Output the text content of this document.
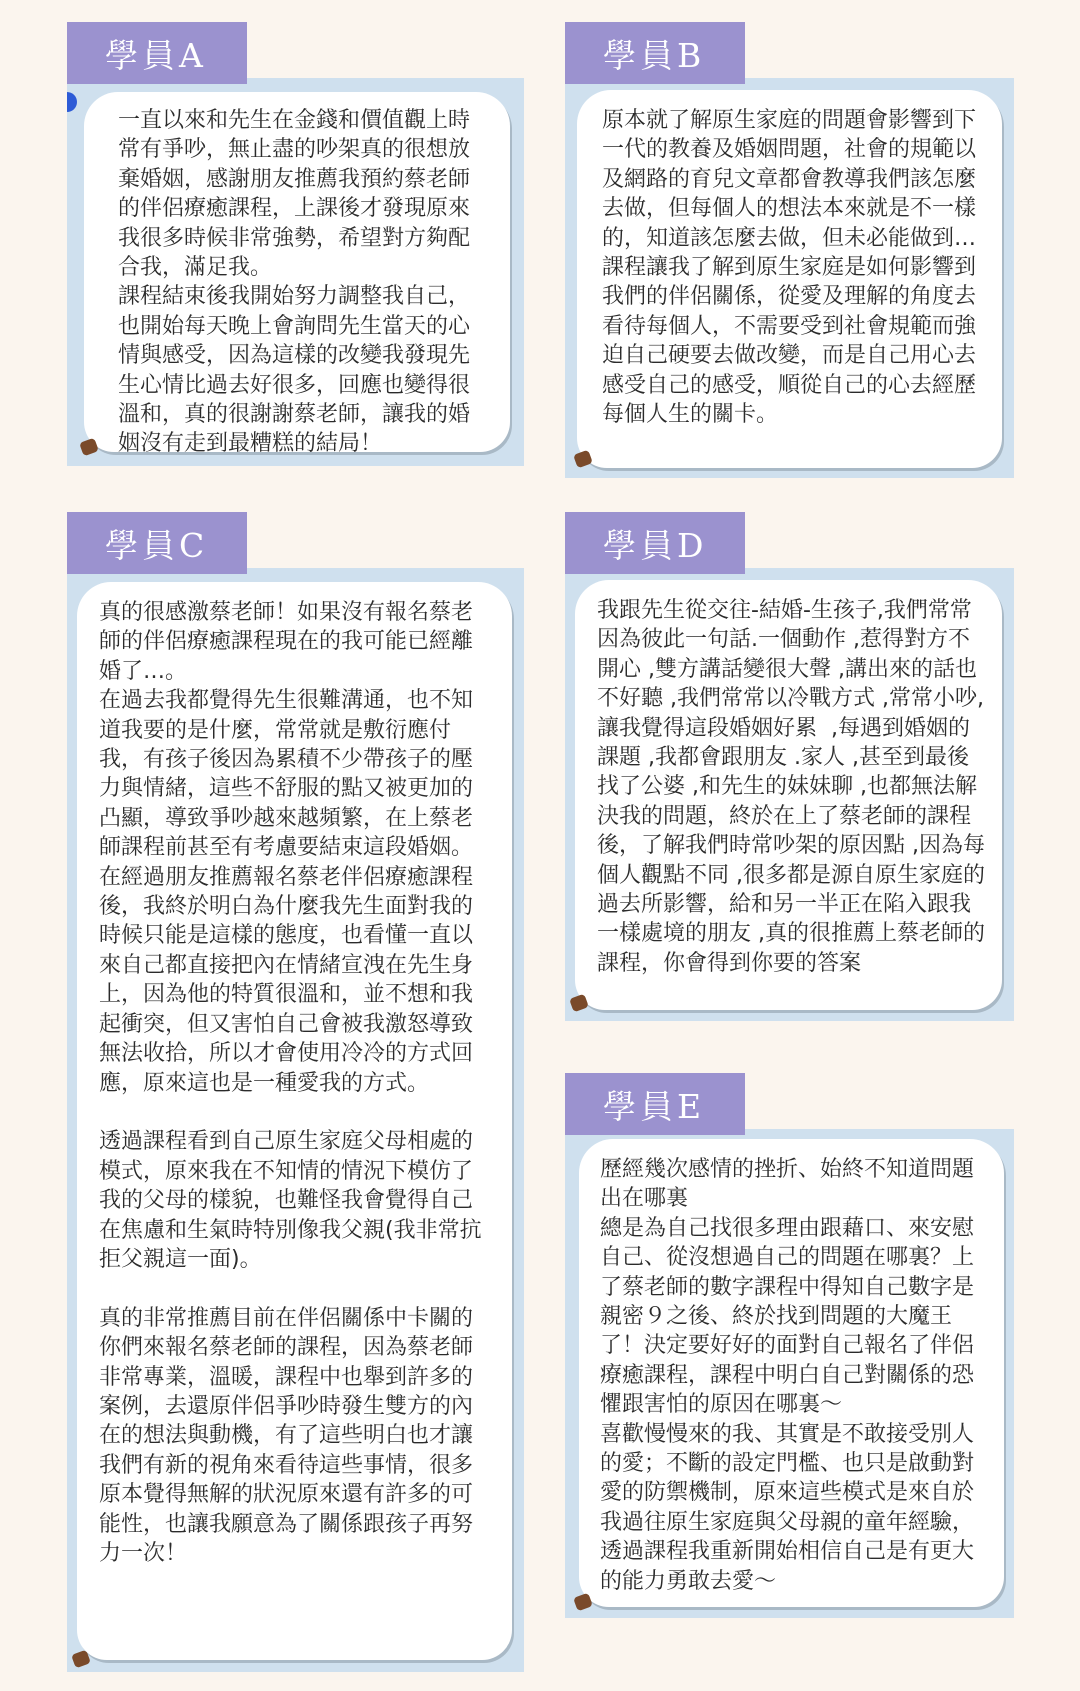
學員A
一直以來和先生在金錢和價值觀上時常有爭吵，無止盡的吵架真的很想放棄婚姻，感謝朋友推薦我預約蔡老師的伴侶療癒課程，上課後才發現原來我很多時候非常強勢，希望對方夠配合我，滿足我。
課程結束後我開始努力調整我自己，也開始每天晚上會詢問先生當天的心情與感受，因為這樣的改變我發現先生心情比過去好很多，回應也變得很溫和，真的很謝謝蔡老師，讓我的婚姻沒有走到最糟糕的結局！
學員B
原本就了解原生家庭的問題會影響到下一代的教養及婚姻問題，社會的規範以及網路的育兒文章都會教導我們該怎麼去做，但每個人的想法本來就是不一樣的，知道該怎麼去做，但未必能做到…
課程讓我了解到原生家庭是如何影響到我們的伴侶關係，從愛及理解的角度去看待每個人，不需要受到社會規範而強迫自己硬要去做改變，而是自己用心去感受自己的感受，順從自己的心去經歷每個人生的關卡。
學員C
真的很感激蔡老師！如果沒有報名蔡老師的伴侶療癒課程現在的我可能已經離婚了…。
在過去我都覺得先生很難溝通，也不知道我要的是什麼，常常就是敷衍應付我，有孩子後因為累積不少帶孩子的壓力與情緒，這些不舒服的點又被更加的凸顯，導致爭吵越來越頻繁，在上蔡老師課程前甚至有考慮要結束這段婚姻。
在經過朋友推薦報名蔡老伴侶療癒課程後，我終於明白為什麼我先生面對我的時候只能是這樣的態度，也看懂一直以來自己都直接把內在情緒宣洩在先生身上，因為他的特質很溫和，並不想和我起衝突，但又害怕自己會被我激怒導致無法收拾，所以才會使用冷冷的方式回應，原來這也是一種愛我的方式。

透過課程看到自己原生家庭父母相處的模式，原來我在不知情的情況下模仿了我的父母的樣貌，也難怪我會覺得自己在焦慮和生氣時特別像我父親(我非常抗拒父親這一面)。

真的非常推薦目前在伴侶關係中卡關的你們來報名蔡老師的課程，因為蔡老師非常專業，溫暖，課程中也舉到許多的案例，去還原伴侶爭吵時發生雙方的內在的想法與動機，有了這些明白也才讓我們有新的視角來看待這些事情，很多原本覺得無解的狀況原來還有許多的可能性，也讓我願意為了關係跟孩子再努力一次！
學員D
我跟先生從交往-結婚-生孩子,我們常常因為彼此一句話.一個動作 ,惹得對方不開心 ,雙方講話變很大聲 ,講出來的話也不好聽 ,我們常常以冷戰方式 ,常常小吵,讓我覺得這段婚姻好累  ,每遇到婚姻的課題 ,我都會跟朋友 .家人 ,甚至到最後找了公婆 ,和先生的妹妹聊 ,也都無法解決我的問題，終於在上了蔡老師的課程後，了解我們時常吵架的原因點 ,因為每個人觀點不同 ,很多都是源自原生家庭的過去所影響，給和另一半正在陷入跟我一樣處境的朋友 ,真的很推薦上蔡老師的課程，你會得到你要的答案
學員E
歷經幾次感情的挫折、始終不知道問題出在哪裏
總是為自己找很多理由跟藉口、來安慰自己、從沒想過自己的問題在哪裏？上了蔡老師的數字課程中得知自己數字是親密９之後、終於找到問題的大魔王了！決定要好好的面對自己報名了伴侶療癒課程，課程中明白自己對關係的恐懼跟害怕的原因在哪裏～
喜歡慢慢來的我、其實是不敢接受別人的愛；不斷的設定門檻、也只是啟動對愛的防禦機制，原來這些模式是來自於我過往原生家庭與父母親的童年經驗，透過課程我重新開始相信自己是有更大的能力勇敢去愛～
